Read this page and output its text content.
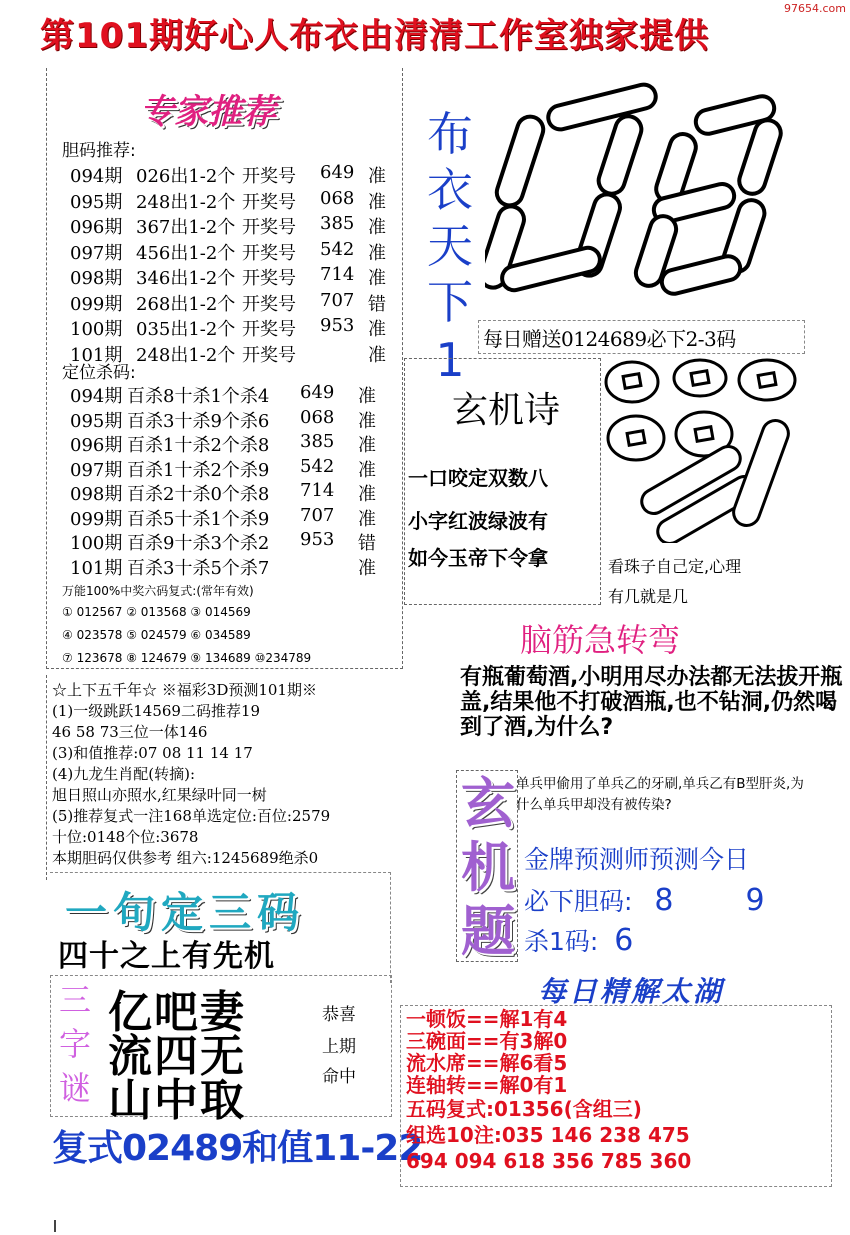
97654.com
第101期好心人布衣由清清工作室独家提供
专家推荐
胆码推荐:
094期 026出1-2个 开奖号 649 准
095期 248出1-2个 开奖号 068 准
096期 367出1-2个 开奖号 385 准
097期 456出1-2个 开奖号 542 准
098期 346出1-2个 开奖号 714 准
099期 268出1-2个 开奖号 707 错
100期 035出1-2个 开奖号 953 准
101期 248出1-2个 开奖号	准
定位杀码:
094期 百杀8十杀1个杀4 649 准
095期 百杀3十杀9个杀6 068 准
096期 百杀1十杀2个杀8 385 准
097期 百杀1十杀2个杀9 542 准
098期 百杀2十杀0个杀8 714 准
099期 百杀5十杀1个杀9 707 准
100期 百杀9十杀3个杀2 953 错
101期 百杀3十杀5个杀7	准
万能100%中奖六码复式:(常年有效)
① 012567 ② 013568 ③ 014569
④ 023578 ⑤ 024579 ⑥ 034589
⑦ 123678 ⑧ 124679 ⑨ 134689 ⑩234789
☆上下五千年☆ ※福彩3D预测101期※
(1)一级跳跃14569二码推荐19
46 58 73三位一体146
(3)和值推荐:07 08 11 14 17
(4)九龙生肖配(转摘):
旭日照山亦照水,红果绿叶同一树
(5)推荐复式一注168单选定位:百位:2579
十位:0148个位:3678
本期胆码仅供参考 组六:1245689绝杀0
布
衣
天
下
1 每日赠送0124689必下2-3码
玄机诗
一口咬定双数八
小字红波绿波有
如今玉帝下令拿	看珠子自己定,心理
有几就是几
脑筋急转弯
有瓶葡萄酒,小明用尽办法都无法拔开瓶盖,结果他不打破酒瓶,也不钻洞,仍然喝到了酒,为什么?
玄
机
题
单兵甲偷用了单兵乙的牙刷,单兵乙有B型肝炎,为什么单兵甲却没有被传染?
金牌预测师预测今日
必下胆码: 8 9
杀1码: 6
一句定三码
四十之上有先机
三
字
谜
亿吧妻
流四无
山中取
恭喜
上期
命中
复式02489和值11-22
每日精解太湖
一顿饭==解1有4
三碗面==有3解0
流水席==解6看5
连轴转==解0有1
五码复式:01356(含组三)
组选10注:035 146 238 475
694 094 618 356 785 360
